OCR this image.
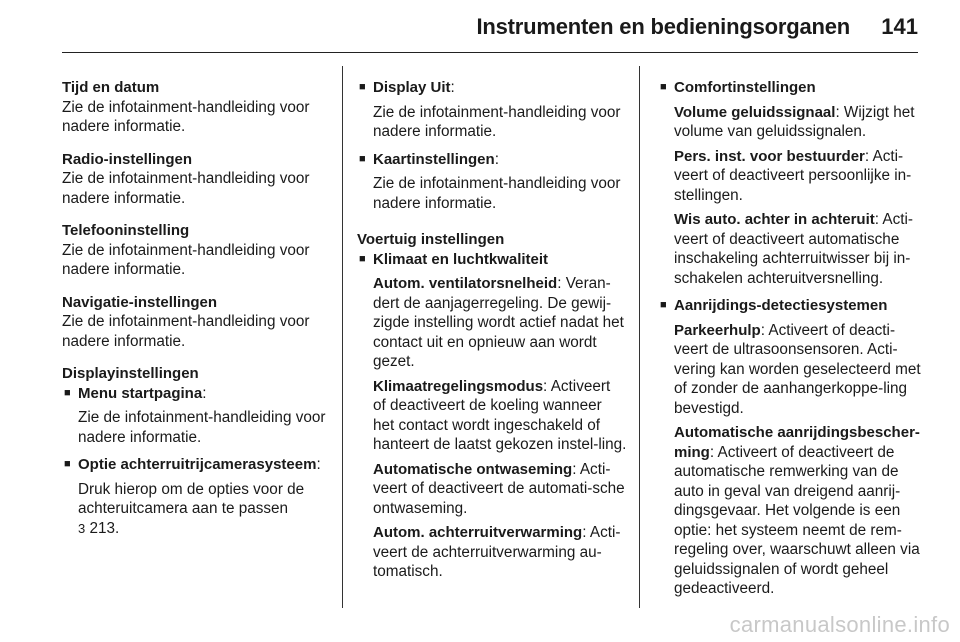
Instrumenten en bedieningsorganen 141
Tijd en datum
Zie de infotainment-handleiding voor nadere informatie.
Radio-instellingen
Zie de infotainment-handleiding voor nadere informatie.
Telefooninstelling
Zie de infotainment-handleiding voor nadere informatie.
Navigatie-instellingen
Zie de infotainment-handleiding voor nadere informatie.
Displayinstellingen
■ Menu startpagina:
Zie de infotainment-handleiding voor nadere informatie.
■ Optie achterruitrijcamerasysteem:
Druk hierop om de opties voor de achteruitcamera aan te passen
3 213.
■ Display Uit:
Zie de infotainment-handleiding voor nadere informatie.
■ Kaartinstellingen:
Zie de infotainment-handleiding voor nadere informatie.
Voertuig instellingen
■ Klimaat en luchtkwaliteit
Autom. ventilatorsnelheid: Veran-dert de aanjagerregeling. De gewij-zigde instelling wordt actief nadat het contact uit en opnieuw aan wordt gezet.
Klimaatregelingsmodus: Activeert of deactiveert de koeling wanneer het contact wordt ingeschakeld of hanteert de laatst gekozen instel-ling.
Automatische ontwaseming: Acti-veert of deactiveert de automati-sche ontwaseming.
Autom. achterruitverwarming: Acti-veert de achterruitverwarming au-tomatisch.
■ Comfortinstellingen
Volume geluidssignaal: Wijzigt het volume van geluidssignalen.
Pers. inst. voor bestuurder: Acti-veert of deactiveert persoonlijke in-stellingen.
Wis auto. achter in achteruit: Acti-veert of deactiveert automatische inschakeling achterruitwisser bij in-schakelen achteruitversnelling.
■ Aanrijdings-detectiesystemen
Parkeerhulp: Activeert of deacti-veert de ultrasoonsensoren. Acti-vering kan worden geselecteerd met of zonder de aanhangerkoppe-ling bevestigd.
Automatische aanrijdingsbescher-ming: Activeert of deactiveert de automatische remwerking van de auto in geval van dreigend aanrij-dingsgevaar. Het volgende is een optie: het systeem neemt de rem-regeling over, waarschuwt alleen via geluidssignalen of wordt geheel gedeactiveerd.
carmanualsonline.info
